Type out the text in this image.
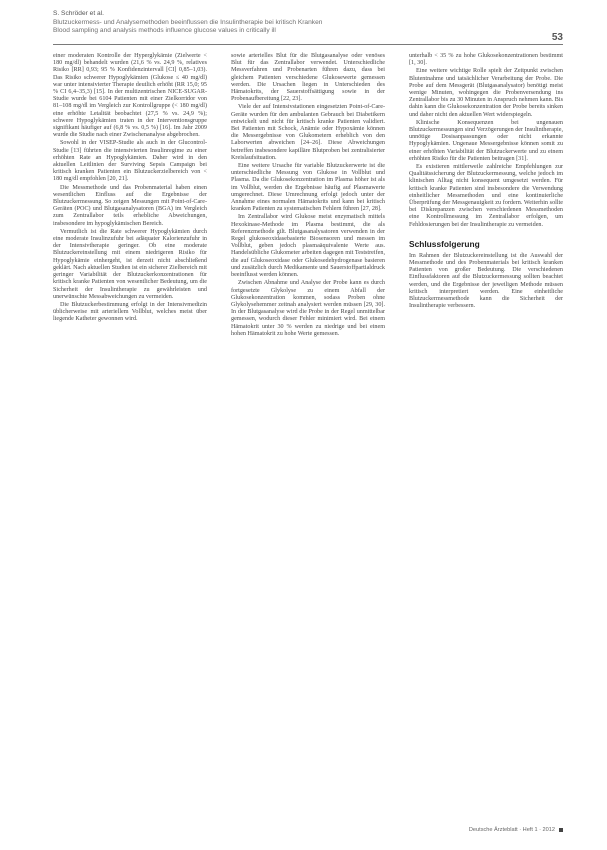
S. Schröder et al.
Blutzuckermess- und Analysemethoden beeinflussen die Insulintherapie bei kritisch Kranken
Blood sampling and analysis methods influence glucose values in critically ill
53

einer moderaten Kontrolle der Hyperglykämie (Zielwerte < 180 mg/dl) behandelt wurden (21,6 % vs. 24,9 %, relatives Risiko [RR] 0,93; 95 % Konfidenzintervall [CI] 0,85–1,03). Das Risiko schwerer Hypoglykämien (Glukose ≤ 40 mg/dl) war unter intensivierter Therapie deutlich erhöht (RR 15,0; 95 % CI 6,4–35,3) [15]. In der multizentrischen NICE-SUGAR-Studie wurde bei 6104 Patienten mit einer Zielkorridor von 81–108 mg/dl im Vergleich zur Kontrollgruppe (< 180 mg/dl) eine erhöhte Letalität beobachtet (27,5 % vs. 24,9 %); schwere Hypoglykämien traten in der Interventionsgruppe signifikant häufiger auf (6,8 % vs. 0,5 %) [16]. Im Jahr 2009 wurde die Studie nach einer Zwischenanalyse abgebrochen.

Sowohl in der VISEP-Studie als auch in der Glucontrol-Studie [13] führten die intensivierten Insulinregime zu einer erhöhten Rate an Hypoglykämien. Daher wird in den aktuellen Leitlinien der Surviving Sepsis Campaign bei kritisch kranken Patienten ein Blutzuckerzielbereich von < 180 mg/dl empfohlen [20, 21].

Die Messmethode und das Probenmaterial haben einen wesentlichen Einfluss auf die Ergebnisse der Blutzuckermessung. So zeigen Messungen mit Point-of-Care-Geräten (POC) und Blutgasanalysatoren (BGA) im Vergleich zum Zentrallabor teils erhebliche Abweichungen, insbesondere im hypoglykämischen Bereich.

Vermutlich ist die Rate schwerer Hypoglykämien durch eine moderate Insulinzufuhr bei adäquater Kalorienzufuhr in der Intensivtherapie geringer. Ob eine moderate Blutzuckereinstellung mit einem niedrigeren Risiko für Hypoglykämie einhergeht, ist derzeit nicht abschließend geklärt. Nach aktuellen Studien ist ein sicherer Zielbereich mit geringer Variabilität der Blutzuckerkonzentrationen für kritisch kranke Patienten von wesentlicher Bedeutung, um die Sicherheit der Insulintherapie zu gewährleisten und unerwünschte Messabweichungen zu vermeiden.

Die Blutzuckerbestimmung erfolgt in der Intensivmedizin üblicherweise mit arteriellem Vollblut, welches meist über liegende Katheter gewonnen wird.

sowie arterielles Blut für die Blutgasanalyse oder venöses Blut für das Zentrallabor verwendet. Unterschiedliche Messverfahren und Probenarten führen dazu, dass bei gleichem Patienten verschiedene Glukosewerte gemessen werden. Die Ursachen liegen in Unterschieden des Hämatokrits, der Sauerstoffsättigung sowie in der Probenaufbereitung [22, 23].

Viele der auf Intensivstationen eingesetzten Point-of-Care-Geräte wurden für den ambulanten Gebrauch bei Diabetikern entwickelt und nicht für kritisch kranke Patienten validiert. Bei Patienten mit Schock, Anämie oder Hypoxämie können die Messergebnisse von Glukometern erheblich von den Laborwerten abweichen [24–26]. Diese Abweichungen betreffen insbesondere kapilläre Blutproben bei zentralisierter Kreislaufsituation.

Eine weitere Ursache für variable Blutzuckerwerte ist die unterschiedliche Messung von Glukose in Vollblut und Plasma. Da die Glukosekonzentration im Plasma höher ist als im Vollblut, werden die Ergebnisse häufig auf Plasmawerte umgerechnet. Diese Umrechnung erfolgt jedoch unter der Annahme eines normalen Hämatokrits und kann bei kritisch kranken Patienten zu systematischen Fehlern führen [27, 28].

Im Zentrallabor wird Glukose meist enzymatisch mittels Hexokinase-Methode im Plasma bestimmt, die als Referenzmethode gilt. Blutgasanalysatoren verwenden in der Regel glukoseoxidasebasierte Biosensoren und messen im Vollblut, geben jedoch plasmaäquivalente Werte aus. Handelsübliche Glukometer arbeiten dagegen mit Teststreifen, die auf Glukoseoxidase oder Glukosedehydrogenase basieren und zusätzlich durch Medikamente und Sauerstoffpartialdruck beeinflusst werden können.

Zwischen Abnahme und Analyse der Probe kann es durch fortgesetzte Glykolyse zu einem Abfall der Glukosekonzentration kommen, sodass Proben ohne Glykolysehemmer zeitnah analysiert werden müssen [29, 30]. In der Blutgasanalyse wird die Probe in der Regel unmittelbar gemessen, wodurch dieser Fehler minimiert wird. Bei einem Hämatokrit unter 30 % werden zu niedrige und bei einem hohen Hämatokrit zu hohe Werte gemessen.

unterhalb < 35 % zu hohe Glukosekonzentrationen bestimmt [1, 30].

Eine weitere wichtige Rolle spielt der Zeitpunkt zwischen Blutentnahme und tatsächlicher Verarbeitung der Probe. Die Probe auf dem Messgerät (Blutgasanalysator) benötigt meist wenige Minuten, wohingegen die Probenversendung ins Zentrallabor bis zu 30 Minuten in Anspruch nehmen kann. Bis dahin kann die Glukosekonzentration der Probe bereits sinken und daher nicht den aktuellen Wert widerspiegeln.

Klinische Konsequenzen bei ungenauen Blutzuckermessungen sind Verzögerungen der Insulintherapie, unnötige Dosisanpassungen oder nicht erkannte Hypoglykämien. Ungenaue Messergebnisse können somit zu einer erhöhten Variabilität der Blutzuckerwerte und zu einem erhöhten Risiko für die Patienten beitragen [31].

Es existieren mittlerweile zahlreiche Empfehlungen zur Qualitätssicherung der Blutzuckermessung, welche jedoch im klinischen Alltag nicht konsequent umgesetzt werden. Für kritisch kranke Patienten sind insbesondere die Verwendung einheitlicher Messmethoden und eine kontinuierliche Überprüfung der Messgenauigkeit zu fordern. Weiterhin sollte bei Diskrepanzen zwischen verschiedenen Messmethoden eine Kontrollmessung im Zentrallabor erfolgen, um Fehldosierungen bei der Insulintherapie zu vermeiden.

Schlussfolgerung

Im Rahmen der Blutzuckereinstellung ist die Auswahl der Messmethode und des Probenmaterials bei kritisch kranken Patienten von großer Bedeutung. Die verschiedenen Einflussfaktoren auf die Blutzuckermessung sollten beachtet werden, und die Ergebnisse der jeweiligen Methode müssen kritisch interpretiert werden. Eine einheitliche Blutzuckermessmethode kann die Sicherheit der Insulintherapie verbessern.

Deutsche Ärzteblatt · Heft 1 · 2012
